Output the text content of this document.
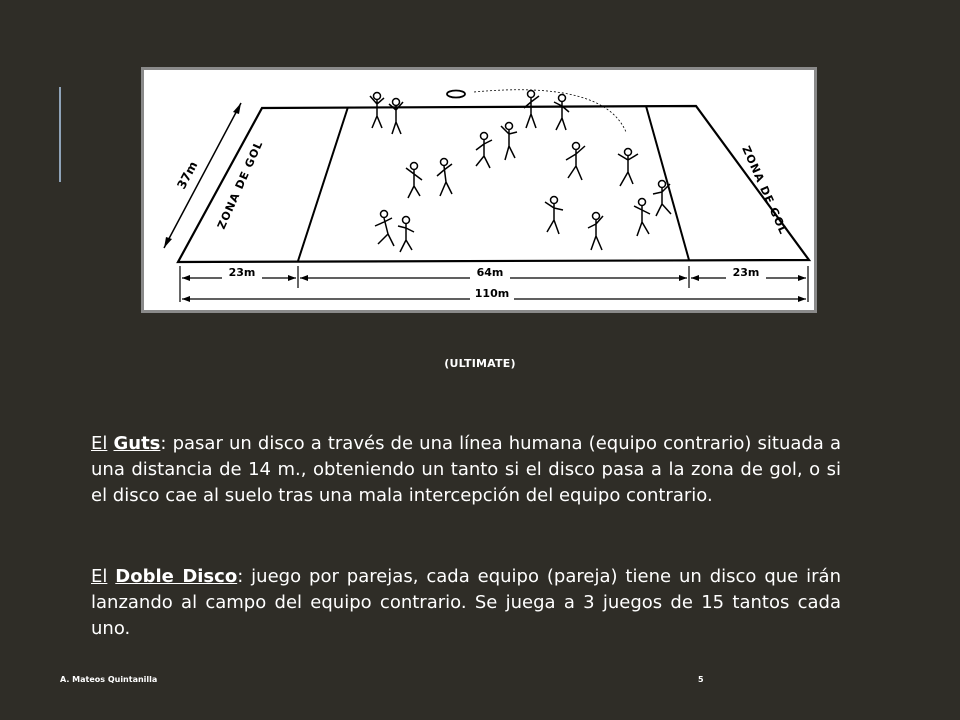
37m ZONA DE GOL	ZONA DE GOL
23m	64m	23m
110m
(ULTIMATE)

El Guts: pasar un disco a través de una línea humana (equipo contrario) situada a una distancia de 14 m., obteniendo un tanto si el disco pasa a la zona de gol, o si el disco cae al suelo tras una mala intercepción del equipo contrario.

El Doble Disco: juego por parejas, cada equipo (pareja) tiene un disco que irán lanzando al campo del equipo contrario. Se juega a 3 juegos de 15 tantos cada uno.

A. Mateos Quintanilla	5
